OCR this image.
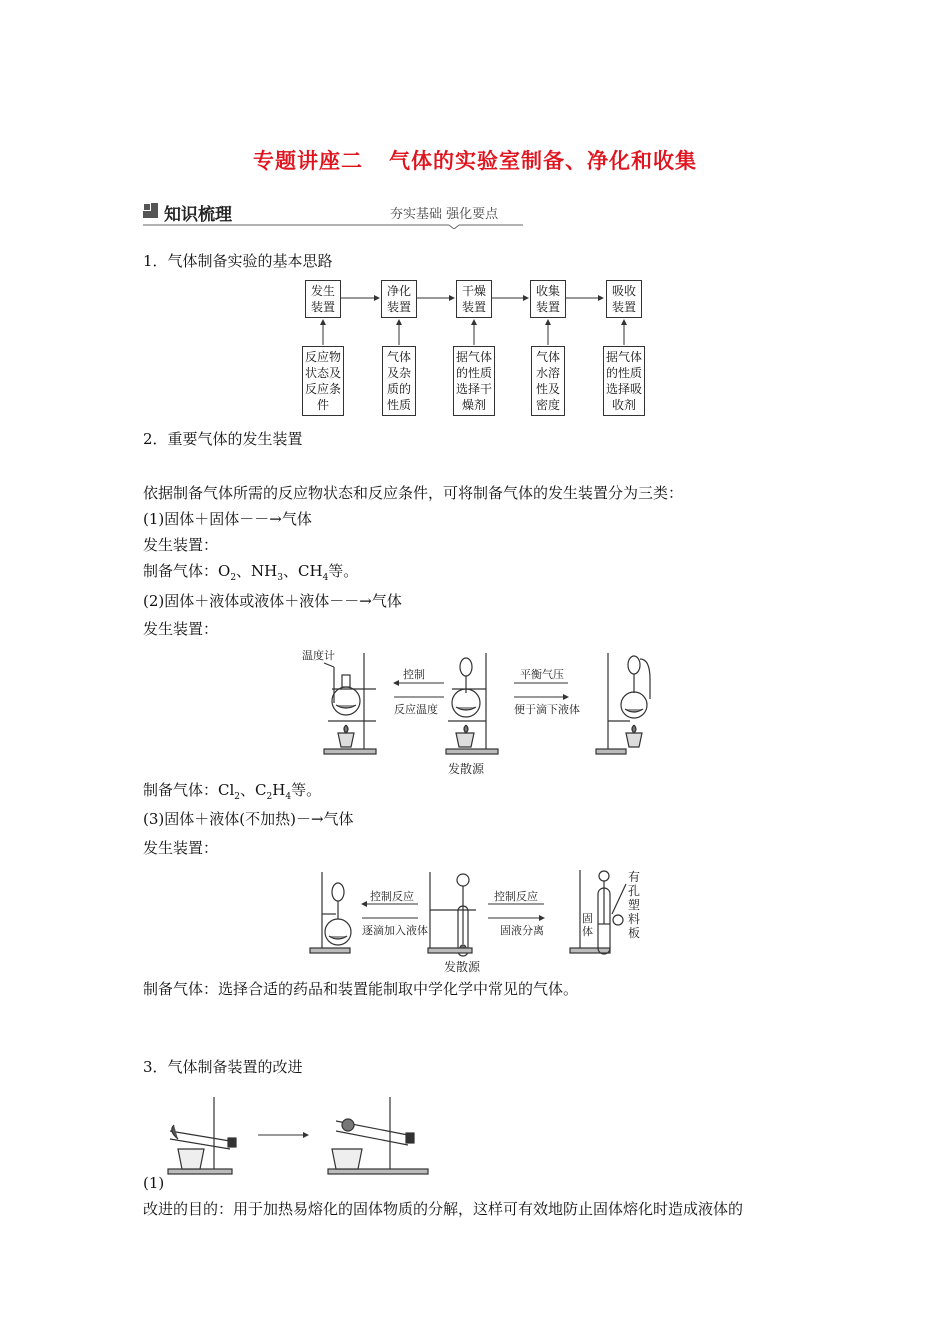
专题讲座二 气体的实验室制备、净化和收集
知识梳理	夯实基础 强化要点
1．气体制备实验的基本思路
发生
装置
净化
装置
干燥
装置
收集
装置
吸收
装置
反应物
状态及
反应条
件
气体
及杂
质的
性质
据气体
的性质
选择干
燥剂
气体
水溶
性及
密度
据气体
的性质
选择吸
收剂
2．重要气体的发生装置
依据制备气体所需的反应物状态和反应条件，可将制备气体的发生装置分为三类：
(1)固体＋固体－－→气体
发生装置：
制备气体：$O_2$、$NH_3$、$CH_4$等。
(2)固体＋液体或液体＋液体－－→气体
发生装置：
温度计
控制
反应温度
平衡气压
便于滴下液体
发散源
制备气体：$Cl_2$、$C_2H_4$等。
(3)固体＋液体(不加热)－→气体
发生装置：
控制反应
逐滴加入液体
控制反应
固液分离
固体
有孔塑料板
发散源
制备气体：选择合适的药品和装置能制取中学化学中常见的气体。
3．气体制备装置的改进
(1)
改进的目的：用于加热易熔化的固体物质的分解，这样可有效地防止固体熔化时造成液体的
